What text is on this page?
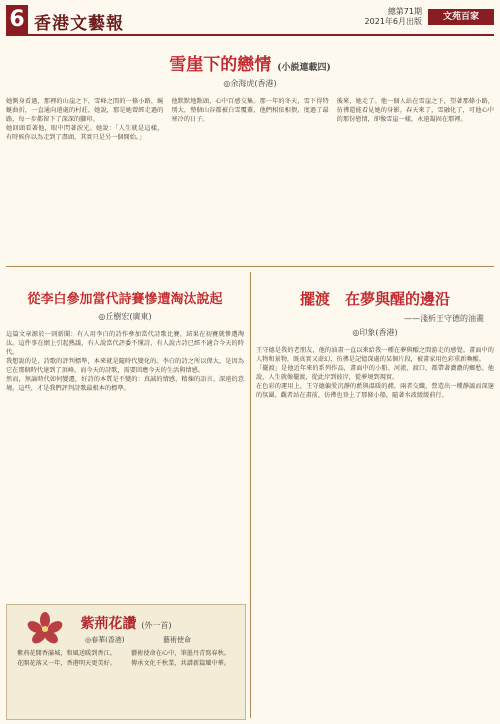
6 香港文藝報
總第71期
2021年6月出版	文苑百家
雪崖下的戀情 (小説連載四)
◎余海虎(香港)

她側身看過，那裡的山崖之下，雪峰之間的一條小路，蜿蜒曲折，一直通向遠處的村莊。她說，那是她曾經走過的路，每一步都留下了深深的腳印。

她回頭看著他，眼中閃著淚光。她說：「人生就是這樣，有時候你以為走到了盡頭，其實只是另一個開始。」

他默默地點頭，心中百感交集。那一年的冬天，雪下得特別大，整個山谷都被白雪覆蓋，他們相依相偎，度過了最寒冷的日子。

後來，她走了。他一個人站在雪崖之下，望著那條小路，彷彿還能看見她的身影。春天來了，雪融化了，可他心中的那份戀情，卻像雪崖一樣，永遠凝固在那裡。

從李白參加當代詩賽慘遭淘汰說起
◎丘樹宏(廣東)

這篇文章源於一則新聞：有人用李白的詩作參加當代詩歌比賽，結果在初賽就慘遭淘汰。這件事在網上引起熱議，有人說當代評委不懂詩，有人說古詩已經不適合今天的時代。

我想說的是，詩歌的評判標準，本來就是隨時代變化的。李白的詩之所以偉大，是因為它在那個時代達到了頂峰，而今天的詩歌，需要回應今天的生活與情感。

然而，無論時代如何變遷，好詩的本質是不變的：真誠的情感、精煉的語言、深遠的意境。這些，才是我們評判詩歌最根本的標準。

擺渡　在夢與醒的邊沿
——淺析王守德的油畫
◎印象(香港)

王守德是我的老朋友，他的油畫一直以來給我一種在夢與醒之間游走的感覺。畫面中的人物和景物，既真實又虛幻，彷彿是記憶深處的某個片段，被畫家用色彩重新喚醒。

「擺渡」是他近年來的系列作品，畫面中的小船、河流、渡口，都帶著濃濃的鄉愁。他說，人生就像擺渡，從此岸到彼岸，從夢境到現實。

在色彩的運用上，王守德偏愛沉靜的藍與溫暖的赭，兩者交織，營造出一種靜謐而深邃的氛圍。觀者站在畫前，彷彿也登上了那條小船，隨著水波緩緩前行。

紫荊花讚 (外一首)
◎春華(香港)	藝術使命
紫荊花開香滿城，和風送暖到香江。花開花落又一年，香港明天更美好。
藝術使命在心中，筆墨丹青寫春秋。傳承文化千秋業，共譜新篇耀中華。
